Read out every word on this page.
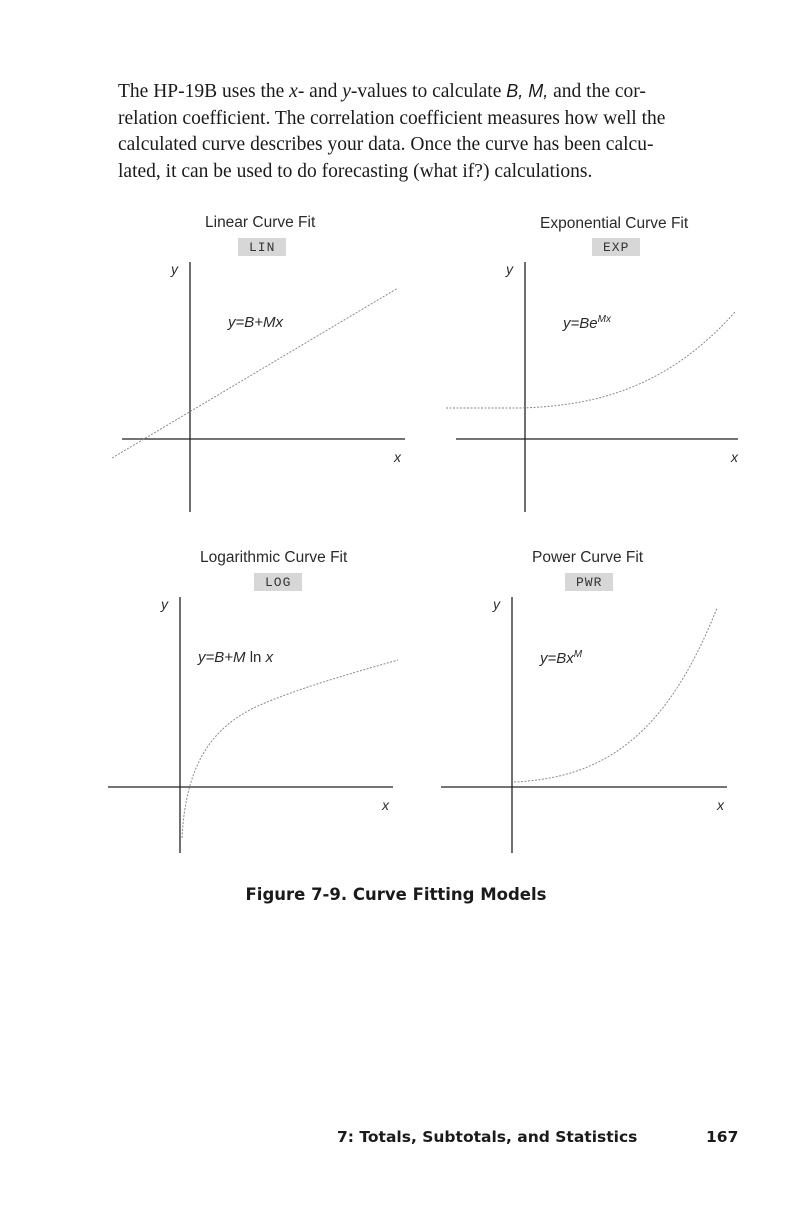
The HP-19B uses the x- and y-values to calculate B, M, and the cor-
relation coefficient. The correlation coefficient measures how well the
calculated curve describes your data. Once the curve has been calcu-
lated, it can be used to do forecasting (what if?) calculations.

Linear Curve Fit
LIN
y
y=B+Mx
x
Exponential Curve Fit
EXP
y
$y=Be^{Mx}$
x
Logarithmic Curve Fit
LOG
y
y=B+M ln x
x
Power Curve Fit
PWR
y
$y=Bx^M$
x
Figure 7-9. Curve Fitting Models
7: Totals, Subtotals, and Statistics	167
